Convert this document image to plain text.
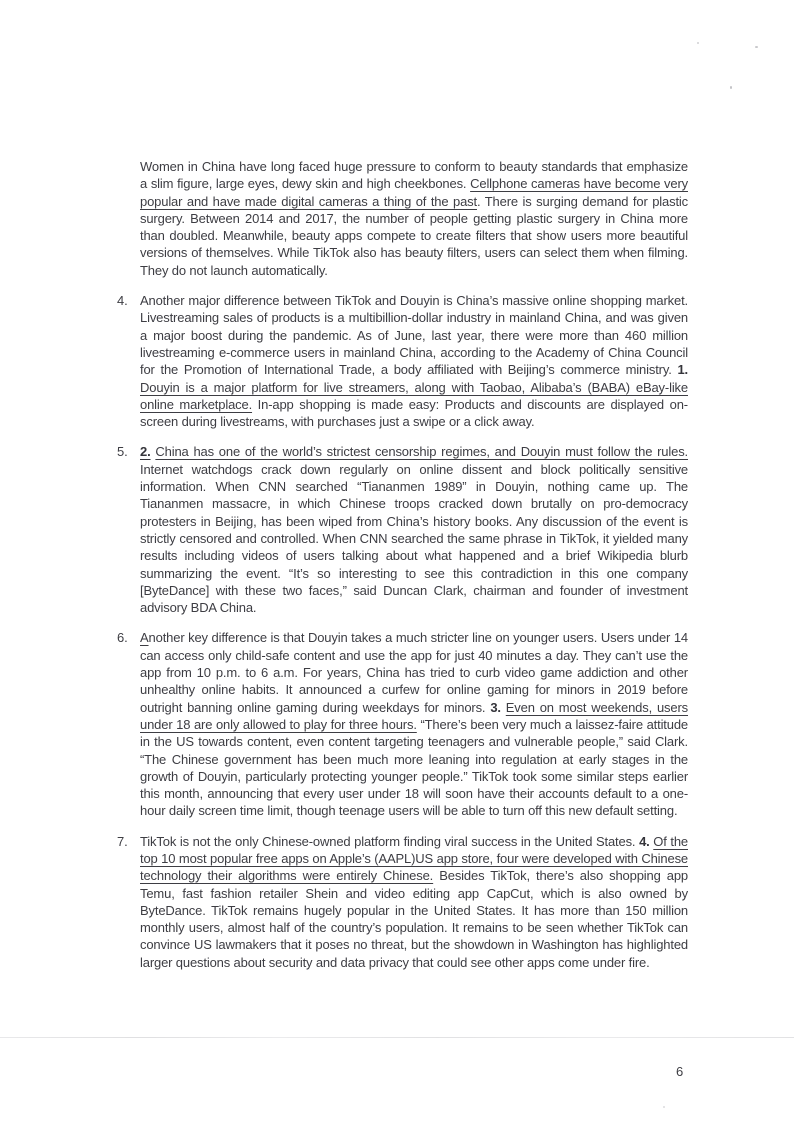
Women in China have long faced huge pressure to conform to beauty standards that emphasize a slim figure, large eyes, dewy skin and high cheekbones. Cellphone cameras have become very popular and have made digital cameras a thing of the past. There is surging demand for plastic surgery. Between 2014 and 2017, the number of people getting plastic surgery in China more than doubled. Meanwhile, beauty apps compete to create filters that show users more beautiful versions of themselves. While TikTok also has beauty filters, users can select them when filming. They do not launch automatically.
4. Another major difference between TikTok and Douyin is China’s massive online shopping market. Livestreaming sales of products is a multibillion-dollar industry in mainland China, and was given a major boost during the pandemic. As of June, last year, there were more than 460 million livestreaming e-commerce users in mainland China, according to the Academy of China Council for the Promotion of International Trade, a body affiliated with Beijing’s commerce ministry. 1. Douyin is a major platform for live streamers, along with Taobao, Alibaba’s (BABA) eBay-like online marketplace. In-app shopping is made easy: Products and discounts are displayed on-screen during livestreams, with purchases just a swipe or a click away.
5. 2. China has one of the world’s strictest censorship regimes, and Douyin must follow the rules. Internet watchdogs crack down regularly on online dissent and block politically sensitive information. When CNN searched “Tiananmen 1989” in Douyin, nothing came up. The Tiananmen massacre, in which Chinese troops cracked down brutally on pro-democracy protesters in Beijing, has been wiped from China’s history books. Any discussion of the event is strictly censored and controlled. When CNN searched the same phrase in TikTok, it yielded many results including videos of users talking about what happened and a brief Wikipedia blurb summarizing the event. “It’s so interesting to see this contradiction in this one company [ByteDance] with these two faces,” said Duncan Clark, chairman and founder of investment advisory BDA China.
6. Another key difference is that Douyin takes a much stricter line on younger users. Users under 14 can access only child-safe content and use the app for just 40 minutes a day. They can’t use the app from 10 p.m. to 6 a.m. For years, China has tried to curb video game addiction and other unhealthy online habits. It announced a curfew for online gaming for minors in 2019 before outright banning online gaming during weekdays for minors. 3. Even on most weekends, users under 18 are only allowed to play for three hours. “There’s been very much a laissez-faire attitude in the US towards content, even content targeting teenagers and vulnerable people,” said Clark. “The Chinese government has been much more leaning into regulation at early stages in the growth of Douyin, particularly protecting younger people.” TikTok took some similar steps earlier this month, announcing that every user under 18 will soon have their accounts default to a one-hour daily screen time limit, though teenage users will be able to turn off this new default setting.
7. TikTok is not the only Chinese-owned platform finding viral success in the United States. 4. Of the top 10 most popular free apps on Apple’s (AAPL)US app store, four were developed with Chinese technology their algorithms were entirely Chinese. Besides TikTok, there’s also shopping app Temu, fast fashion retailer Shein and video editing app CapCut, which is also owned by ByteDance. TikTok remains hugely popular in the United States. It has more than 150 million monthly users, almost half of the country’s population. It remains to be seen whether TikTok can convince US lawmakers that it poses no threat, but the showdown in Washington has highlighted larger questions about security and data privacy that could see other apps come under fire.
6
